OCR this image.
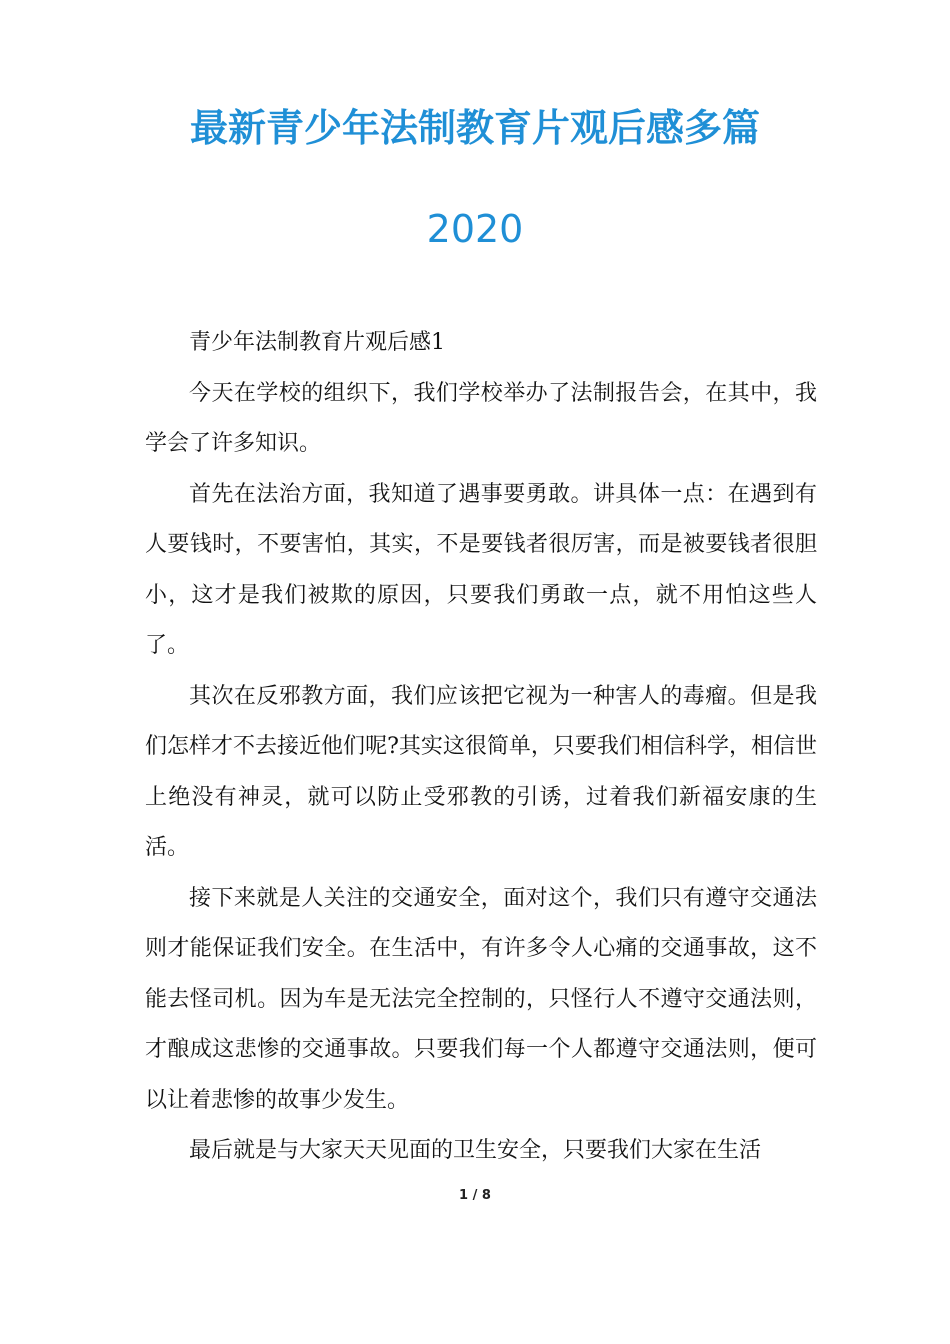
最新青少年法制教育片观后感多篇
2020

青少年法制教育片观后感1

今天在学校的组织下，我们学校举办了法制报告会，在其中，我学会了许多知识。

首先在法治方面，我知道了遇事要勇敢。讲具体一点：在遇到有人要钱时，不要害怕，其实，不是要钱者很厉害，而是被要钱者很胆小，这才是我们被欺的原因，只要我们勇敢一点，就不用怕这些人了。

其次在反邪教方面，我们应该把它视为一种害人的毒瘤。但是我们怎样才不去接近他们呢?其实这很简单，只要我们相信科学，相信世上绝没有神灵，就可以防止受邪教的引诱，过着我们新福安康的生活。

接下来就是人关注的交通安全，面对这个，我们只有遵守交通法则才能保证我们安全。在生活中，有许多令人心痛的交通事故，这不能去怪司机。因为车是无法完全控制的，只怪行人不遵守交通法则，才酿成这悲惨的交通事故。只要我们每一个人都遵守交通法则，便可以让着悲惨的故事少发生。

最后就是与大家天天见面的卫生安全，只要我们大家在生活

1 / 8
